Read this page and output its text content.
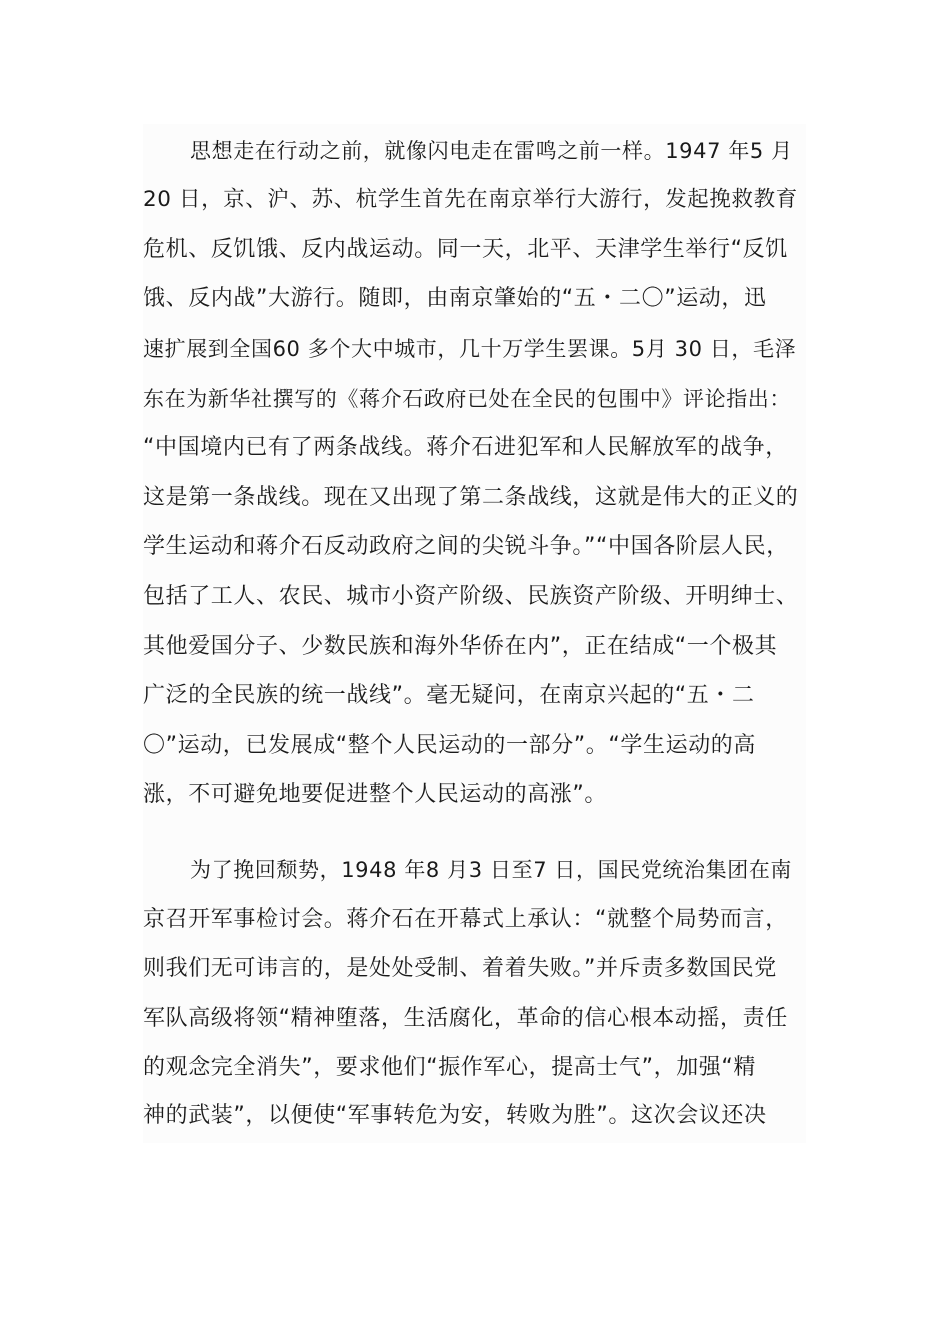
思想走在行动之前，就像闪电走在雷鸣之前一样。1947 年5 月
20 日，京、沪、苏、杭学生首先在南京举行大游行，发起挽救教育
危机、反饥饿、反内战运动。同一天，北平、天津学生举行“反饥
饿、反内战”大游行。随即，由南京肇始的“五・二〇”运动，迅
速扩展到全国60 多个大中城市，几十万学生罢课。5月 30 日，毛泽
东在为新华社撰写的《蒋介石政府已处在全民的包围中》评论指出：
“中国境内已有了两条战线。蒋介石进犯军和人民解放军的战争，
这是第一条战线。现在又出现了第二条战线，这就是伟大的正义的
学生运动和蒋介石反动政府之间的尖锐斗争。”“中国各阶层人民，
包括了工人、农民、城市小资产阶级、民族资产阶级、开明绅士、
其他爱国分子、少数民族和海外华侨在内”，正在结成“一个极其
广泛的全民族的统一战线”。毫无疑问，在南京兴起的“五・二
〇”运动，已发展成“整个人民运动的一部分”。“学生运动的高
涨，不可避免地要促进整个人民运动的高涨”。
为了挽回颓势，1948 年8 月3 日至7 日，国民党统治集团在南
京召开军事检讨会。蒋介石在开幕式上承认：“就整个局势而言，
则我们无可讳言的，是处处受制、着着失败。”并斥责多数国民党
军队高级将领“精神堕落，生活腐化，革命的信心根本动摇，责任
的观念完全消失”，要求他们“振作军心，提高士气”，加强“精
神的武装”，以便使“军事转危为安，转败为胜”。这次会议还决
